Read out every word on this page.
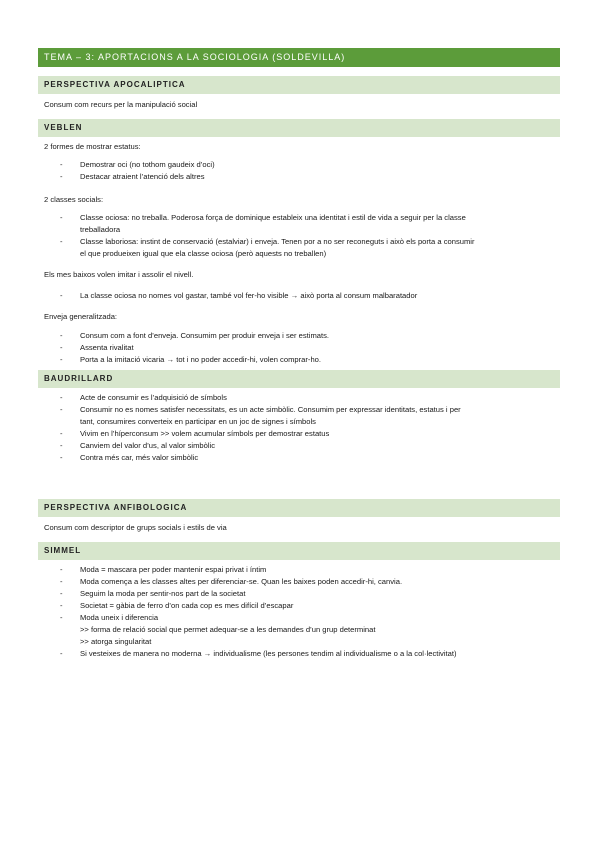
TEMA – 3: APORTACIONS A LA SOCIOLOGIA (SOLDEVILLA)
PERSPECTIVA APOCALIPTICA
Consum com recurs per la manipulació social
VEBLEN
2 formes de mostrar estatus:
- Demostrar oci (no tothom gaudeix d’oci)
- Destacar atraient l’atenció dels altres
2 classes socials:
- Classe ociosa: no treballa. Poderosa força de dominique estableix una identitat i estil de vida a seguir per la classe
treballadora
- Classe laboriosa: instint de conservació (estalviar) i enveja. Tenen por a no ser reconeguts i això els porta a consumir
el que produeixen igual que ela classe ociosa (però aquests no treballen)
Els mes baixos volen imitar i assolir el nivell.
- La classe ociosa no nomes vol gastar, també vol fer-ho visible → això porta al consum malbaratador
Enveja generalitzada:
- Consum com a font d’enveja. Consumim per produir enveja i ser estimats.
- Assenta rivalitat
- Porta a la imitació vicaria → tot i no poder accedir-hi, volen comprar-ho.
BAUDRILLARD
- Acte de consumir es l’adquisició de símbols
- Consumir no es nomes satisfer necessitats, es un acte simbòlic. Consumim per expressar identitats, estatus i per
tant, consumires converteix en participar en un joc de signes i símbols
- Vivim en l’híperconsum >> volem acumular símbols per demostrar estatus
- Canviem del valor d’us, al valor simbòlic
- Contra més car, més valor simbòlic
PERSPECTIVA ANFIBOLOGICA
Consum com descriptor de grups socials i estils de via
SIMMEL
- Moda = mascara per poder mantenir espai privat i íntim
- Moda comença a les classes altes per diferenciar-se. Quan les baixes poden accedir-hi, canvia.
- Seguim la moda per sentir-nos part de la societat
- Societat = gàbia de ferro d’on cada cop es mes difícil d’escapar
- Moda uneix i diferencia
>> forma de relació social que permet adequar-se a les demandes d’un grup determinat
>> atorga singularitat
- Si vesteixes de manera no moderna → individualisme (les persones tendim al individualisme o a la col·lectivitat)
